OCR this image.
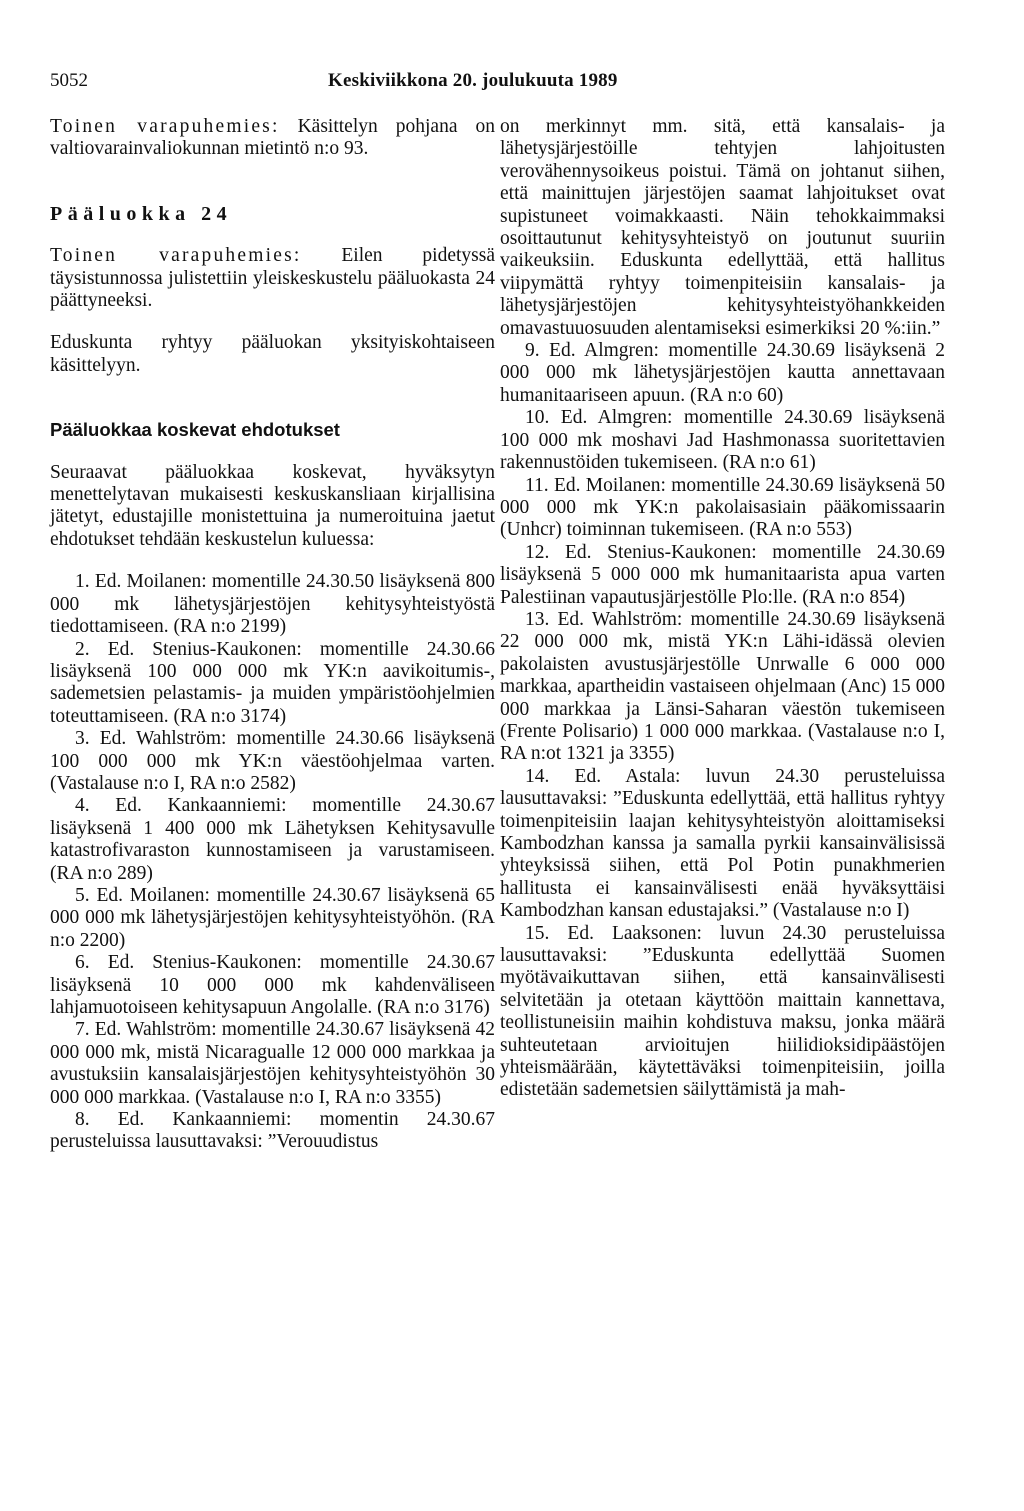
5052	Keskiviikkona 20. joulukuuta 1989

Toinen varapuhemies: Käsittelyn pohjana on valtiovarainvaliokunnan mietintö n:o 93.

Pääluokka 24

Toinen varapuhemies: Eilen pidetyssä täysistunnossa julistettiin yleiskeskustelu pääluokasta 24 päättyneeksi.

Eduskunta ryhtyy pääluokan yksityiskohtaiseen käsittelyyn.

Pääluokkaa koskevat ehdotukset

Seuraavat pääluokkaa koskevat, hyväksytyn menettelytavan mukaisesti keskuskansliaan kirjallisina jätetyt, edustajille monistettuina ja numeroituina jaetut ehdotukset tehdään keskustelun kuluessa:

1. Ed. Moilanen: momentille 24.30.50 lisäyksenä 800 000 mk lähetysjärjestöjen kehitysyhteistyöstä tiedottamiseen. (RA n:o 2199)

2. Ed. Stenius-Kaukonen: momentille 24.30.66 lisäyksenä 100 000 000 mk YK:n aavikoitumis-, sademetsien pelastamis- ja muiden ympäristöohjelmien toteuttamiseen. (RA n:o 3174)

3. Ed. Wahlström: momentille 24.30.66 lisäyksenä 100 000 000 mk YK:n väestöohjelmaa varten. (Vastalause n:o I, RA n:o 2582)

4. Ed. Kankaanniemi: momentille 24.30.67 lisäyksenä 1 400 000 mk Lähetyksen Kehitysavulle katastrofivaraston kunnostamiseen ja varustamiseen. (RA n:o 289)

5. Ed. Moilanen: momentille 24.30.67 lisäyksenä 65 000 000 mk lähetysjärjestöjen kehitysyhteistyöhön. (RA n:o 2200)

6. Ed. Stenius-Kaukonen: momentille 24.30.67 lisäyksenä 10 000 000 mk kahdenväliseen lahjamuotoiseen kehitysapuun Angolalle. (RA n:o 3176)

7. Ed. Wahlström: momentille 24.30.67 lisäyksenä 42 000 000 mk, mistä Nicaragualle 12 000 000 markkaa ja avustuksiin kansalaisjärjestöjen kehitysyhteistyöhön 30 000 000 markkaa. (Vastalause n:o I, RA n:o 3355)

8. Ed. Kankaanniemi: momentin 24.30.67 perusteluissa lausuttavaksi: ”Verouudistus

on merkinnyt mm. sitä, että kansalais- ja lähetysjärjestöille tehtyjen lahjoitusten verovähennysoikeus poistui. Tämä on johtanut siihen, että mainittujen järjestöjen saamat lahjoitukset ovat supistuneet voimakkaasti. Näin tehokkaimmaksi osoittautunut kehitysyhteistyö on joutunut suuriin vaikeuksiin. Eduskunta edellyttää, että hallitus viipymättä ryhtyy toimenpiteisiin kansalais- ja lähetysjärjestöjen kehitysyhteistyöhankkeiden omavastuuosuuden alentamiseksi esimerkiksi 20 %:iin.”

9. Ed. Almgren: momentille 24.30.69 lisäyksenä 2 000 000 mk lähetysjärjestöjen kautta annettavaan humanitaariseen apuun. (RA n:o 60)

10. Ed. Almgren: momentille 24.30.69 lisäyksenä 100 000 mk moshavi Jad Hashmonassa suoritettavien rakennustöiden tukemiseen. (RA n:o 61)

11. Ed. Moilanen: momentille 24.30.69 lisäyksenä 50 000 000 mk YK:n pakolaisasiain pääkomissaarin (Unhcr) toiminnan tukemiseen. (RA n:o 553)

12. Ed. Stenius-Kaukonen: momentille 24.30.69 lisäyksenä 5 000 000 mk humanitaarista apua varten Palestiinan vapautusjärjestölle Plo:lle. (RA n:o 854)

13. Ed. Wahlström: momentille 24.30.69 lisäyksenä 22 000 000 mk, mistä YK:n Lähi-idässä olevien pakolaisten avustusjärjestölle Unrwalle 6 000 000 markkaa, apartheidin vastaiseen ohjelmaan (Anc) 15 000 000 markkaa ja Länsi-Saharan väestön tukemiseen (Frente Polisario) 1 000 000 markkaa. (Vastalause n:o I, RA n:ot 1321 ja 3355)

14. Ed. Astala: luvun 24.30 perusteluissa lausuttavaksi: ”Eduskunta edellyttää, että hallitus ryhtyy toimenpiteisiin laajan kehitysyhteistyön aloittamiseksi Kambodzhan kanssa ja samalla pyrkii kansainvälisissä yhteyksissä siihen, että Pol Potin punakhmerien hallitusta ei kansainvälisesti enää hyväksyttäisi Kambodzhan kansan edustajaksi.” (Vastalause n:o I)

15. Ed. Laaksonen: luvun 24.30 perusteluissa lausuttavaksi: ”Eduskunta edellyttää Suomen myötävaikuttavan siihen, että kansainvälisesti selvitetään ja otetaan käyttöön maittain kannettava, teollistuneisiin maihin kohdistuva maksu, jonka määrä suhteutetaan arvioitujen hiilidioksidipäästöjen yhteismäärään, käytettäväksi toimenpiteisiin, joilla edistetään sademetsien säilyttämistä ja mah-
